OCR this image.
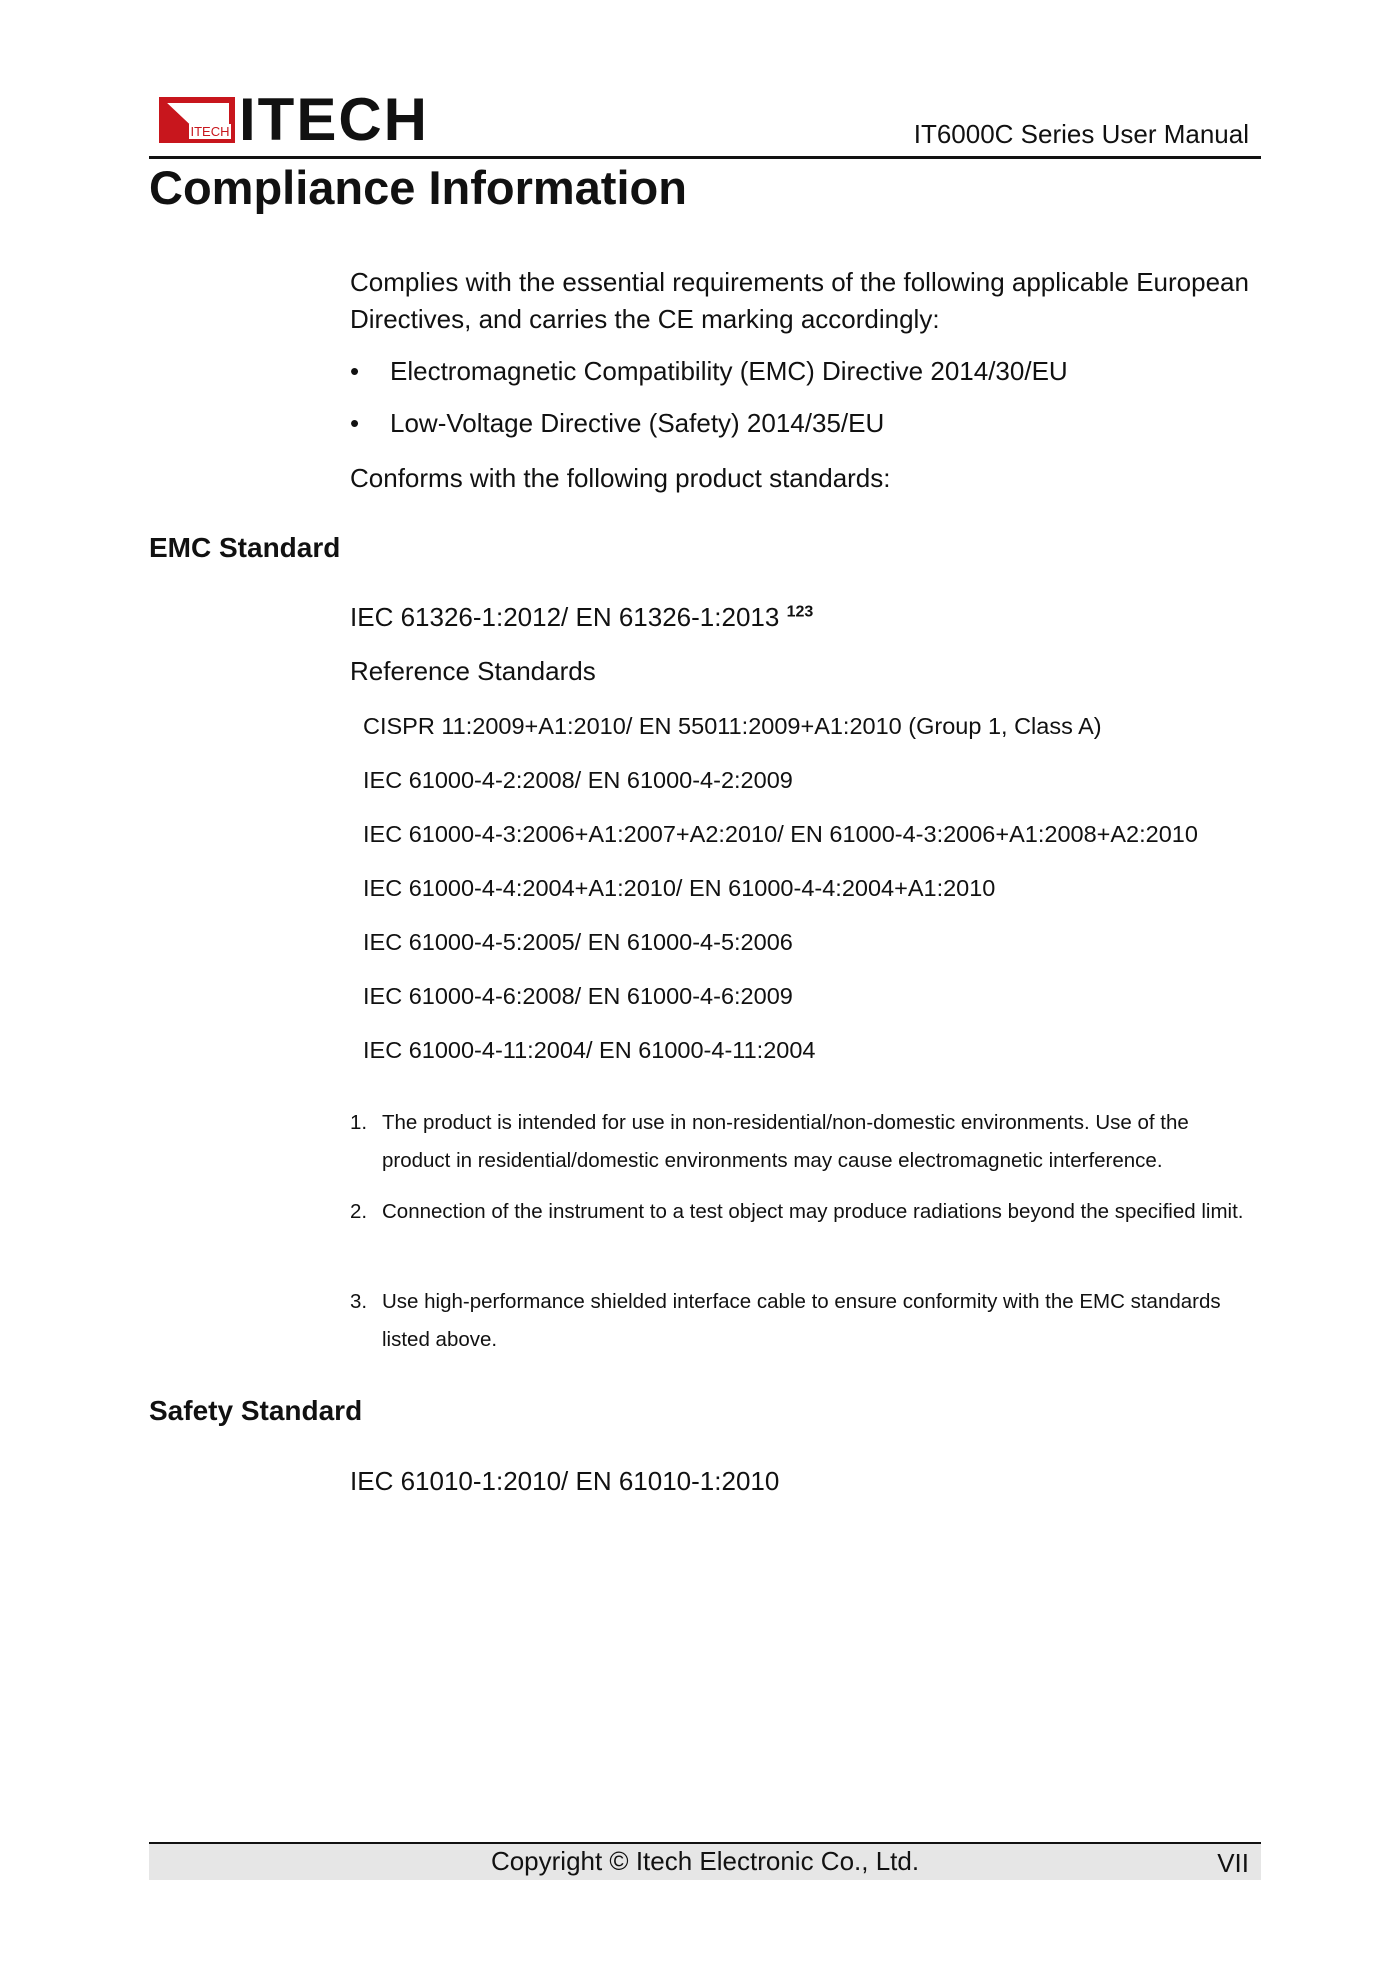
ITECH ITECH	IT6000C Series User Manual
Compliance Information
Complies with the essential requirements of the following applicable European Directives, and carries the CE marking accordingly:
• Electromagnetic Compatibility (EMC) Directive 2014/30/EU
• Low-Voltage Directive (Safety) 2014/35/EU
Conforms with the following product standards:
EMC Standard
IEC 61326-1:2012/ EN 61326-1:2013 $^{123}$
Reference Standards
CISPR 11:2009+A1:2010/ EN 55011:2009+A1:2010 (Group 1, Class A)
IEC 61000-4-2:2008/ EN 61000-4-2:2009
IEC 61000-4-3:2006+A1:2007+A2:2010/ EN 61000-4-3:2006+A1:2008+A2:2010
IEC 61000-4-4:2004+A1:2010/ EN 61000-4-4:2004+A1:2010
IEC 61000-4-5:2005/ EN 61000-4-5:2006
IEC 61000-4-6:2008/ EN 61000-4-6:2009
IEC 61000-4-11:2004/ EN 61000-4-11:2004
1. The product is intended for use in non-residential/non-domestic environments. Use of the product in residential/domestic environments may cause electromagnetic interference.
2. Connection of the instrument to a test object may produce radiations beyond the specified limit.
3. Use high-performance shielded interface cable to ensure conformity with the EMC standards listed above.
Safety Standard
IEC 61010-1:2010/ EN 61010-1:2010
Copyright © Itech Electronic Co., Ltd.	VII
